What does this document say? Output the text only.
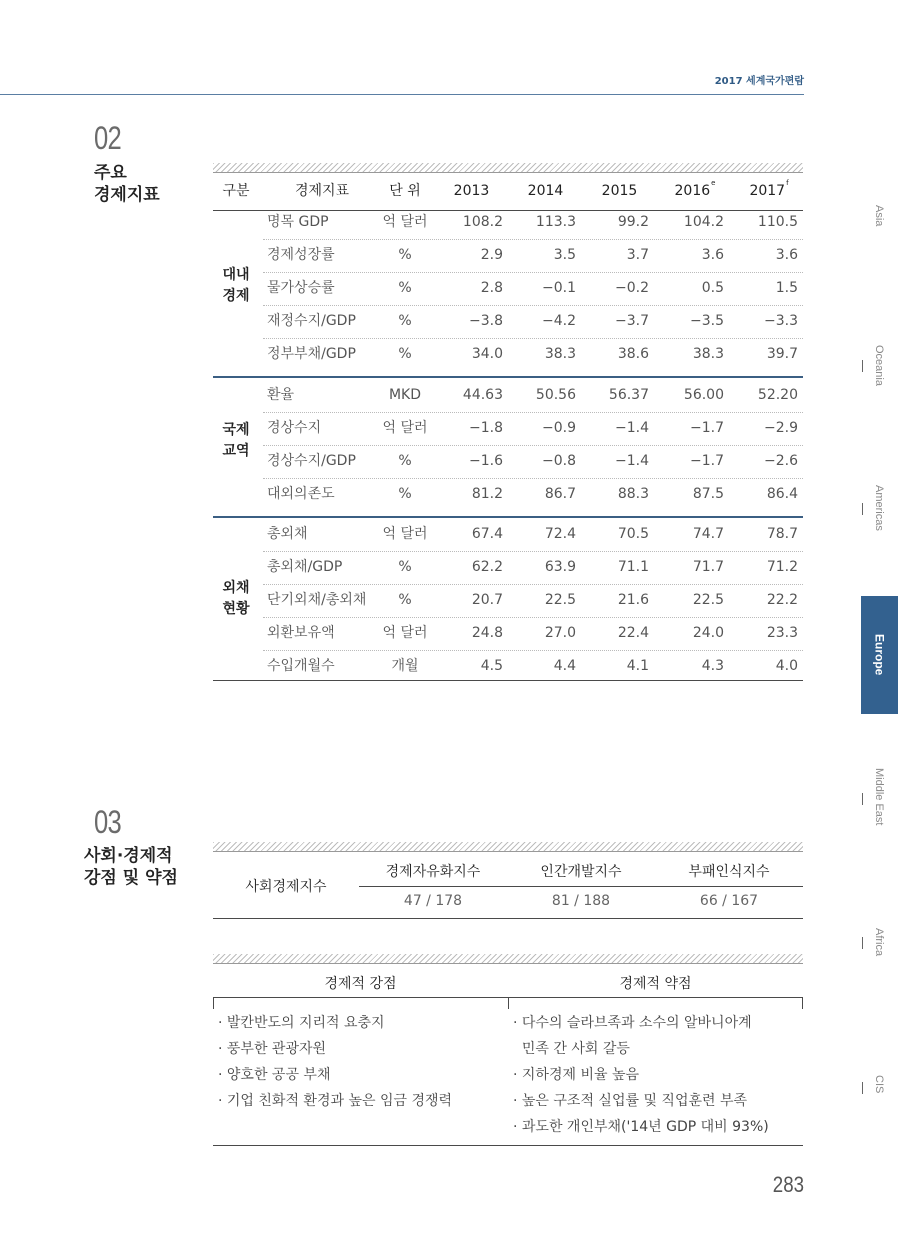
2017 세계국가편람
02
주요
경제지표	구분	경제지표	단 위	2013	2014	2015	2016e	2017$^f$
대내
경제
명목 GDP	억 달러	108.2	113.3	99.2	104.2	110.5
경제성장률	%	2.9	3.5	3.7	3.6	3.6
물가상승률	%	2.8	−0.1	−0.2	0.5	1.5
재정수지/GDP	%	−3.8	−4.2	−3.7	−3.5	−3.3
정부부채/GDP	%	34.0	38.3	38.6	38.3	39.7
국제
교역
환율	MKD	44.63	50.56	56.37	56.00	52.20
경상수지	억 달러	−1.8	−0.9	−1.4	−1.7	−2.9
경상수지/GDP	%	−1.6	−0.8	−1.4	−1.7	−2.6
대외의존도	%	81.2	86.7	88.3	87.5	86.4
외채
현황
총외채	억 달러	67.4	72.4	70.5	74.7	78.7
총외채/GDP	%	62.2	63.9	71.1	71.7	71.2
단기외채/총외채	%	20.7	22.5	21.6	22.5	22.2
외환보유액	억 달러	24.8	27.0	22.4	24.0	23.3
수입개월수	개월	4.5	4.4	4.1	4.3	4.0
03
사회·경제적
강점 및 약점	사회경제지수
경제자유화지수	인간개발지수	부패인식지수
47 / 178	81 / 188	66 / 167
경제적 강점	경제적 약점
· 발칸반도의 지리적 요충지
· 풍부한 관광자원
· 양호한 공공 부채
· 기업 친화적 환경과 높은 임금 경쟁력
· 다수의 슬라브족과 소수의 알바니아계
민족 간 사회 갈등
· 지하경제 비율 높음
· 높은 구조적 실업률 및 직업훈련 부족
· 과도한 개인부채('14년 GDP 대비 93%)
Asia
Oceania
Americas
Europe
Middle East
Africa
CIS
283
